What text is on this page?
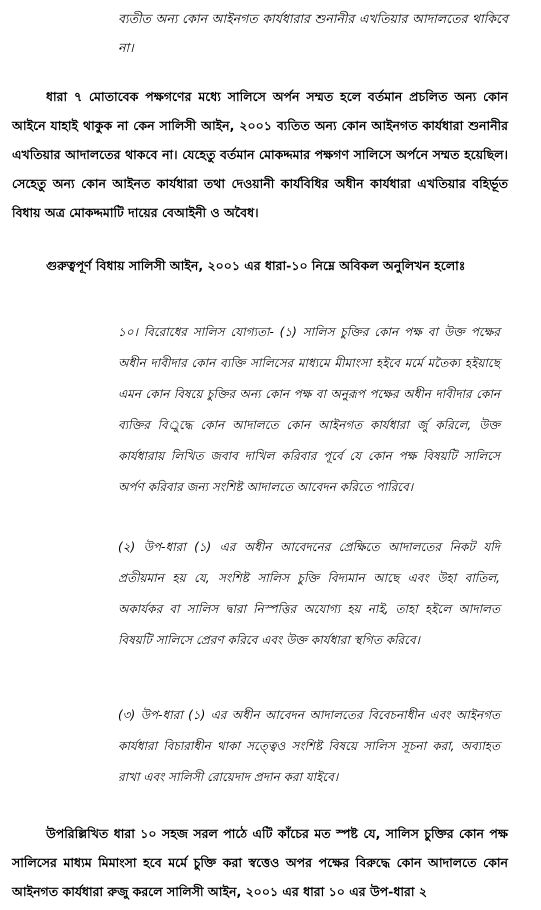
ব্যতীত অন্য কোন আইনগত কার্যধারার শুনানীর এখতিয়ার আদালতের থাকিবে না।

ধারা ৭ মোতাবেক পক্ষগণের মধ্যে সালিসে অর্পন সম্মত হলে বর্তমান প্রচলিত অন্য কোন আইনে যাহাই থাকুক না কেন সালিসী আইন, ২০০১ ব্যতিত অন্য কোন আইনগত কার্যধারা শুনানীর এখতিয়ার আদালতের থাকবে না। যেহেতু বর্তমান মোকদ্দমার পক্ষগণ সালিসে অর্পনে সম্মত হয়েছিল। সেহেতু অন্য কোন আইনত কার্যধারা তথা দেওয়ানী কার্যবিধির অধীন কার্যধারা এখতিয়ার বহির্ভূত বিধায় অত্র মোকদ্দমাটি দায়ের বেআইনী ও অবৈধ।

গুরুত্বপূর্ণ বিধায় সালিসী আইন, ২০০১ এর ধারা-১০ নিম্নে অবিকল অনুলিখন হলোঃ

১০। বিরোধের সালিস যোগ্যতা- (১) সালিস চুক্তির কোন পক্ষ বা উক্ত পক্ষের অধীন দাবীদার কোন ব্যক্তি সালিসের মাধ্যমে মীমাংসা হইবে মর্মে মতৈক্য হইয়াছে এমন কোন বিষয়ে চুক্তির অন্য কোন পক্ষ বা অনুরূপ পক্ষের অধীন দাবীদার কোন ব্যক্তির বির্ুদ্ধে কোন আদালতে কোন আইনগত কার্যধারা র্জু করিলে, উক্ত কার্যধারায় লিখিত জবাব দাখিল করিবার পূর্বে যে কোন পক্ষ বিষয়টি সালিসে অর্পণ করিবার জন্য সংশিষ্ট আদালতে আবেদন করিতে পারিবে।

(২) উপ-ধারা (১) এর অধীন আবেদনের প্রেক্ষিতে আদালতের নিকট যদি প্রতীয়মান হয় যে, সংশিষ্ট সালিস চুক্তি বিদ্যমান আছে এবং উহা বাতিল, অকার্যকর বা সালিস দ্বারা নিস্পত্তির অযোগ্য হয় নাই, তাহা হইলে আদালত বিষয়টি সালিসে প্রেরণ করিবে এবং উক্ত কার্যধারা স্থগিত করিবে।

(৩) উপ-ধারা (১) এর অধীন আবেদন আদালতের বিবেচনাধীন এবং আইনগত কার্যধারা বিচারাধীন থাকা সত্ত্বেও সংশিষ্ট বিষয়ে সালিস সূচনা করা, অব্যাহত রাখা এবং সালিসী রোয়েদাদ প্রদান করা যাইবে।

উপরিল্লিখিত ধারা ১০ সহজ সরল পাঠে এটি কাঁচের মত স্পষ্ট যে, সালিস চুক্তির কোন পক্ষ সালিসের মাধ্যম মিমাংসা হবে মর্মে চুক্তি করা স্বত্তেও অপর পক্ষের বিরুদ্ধে কোন আদালতে কোন আইনগত কার্যধারা রুজু করলে সালিসী আইন, ২০০১ এর ধারা ১০ এর উপ-ধারা ২
